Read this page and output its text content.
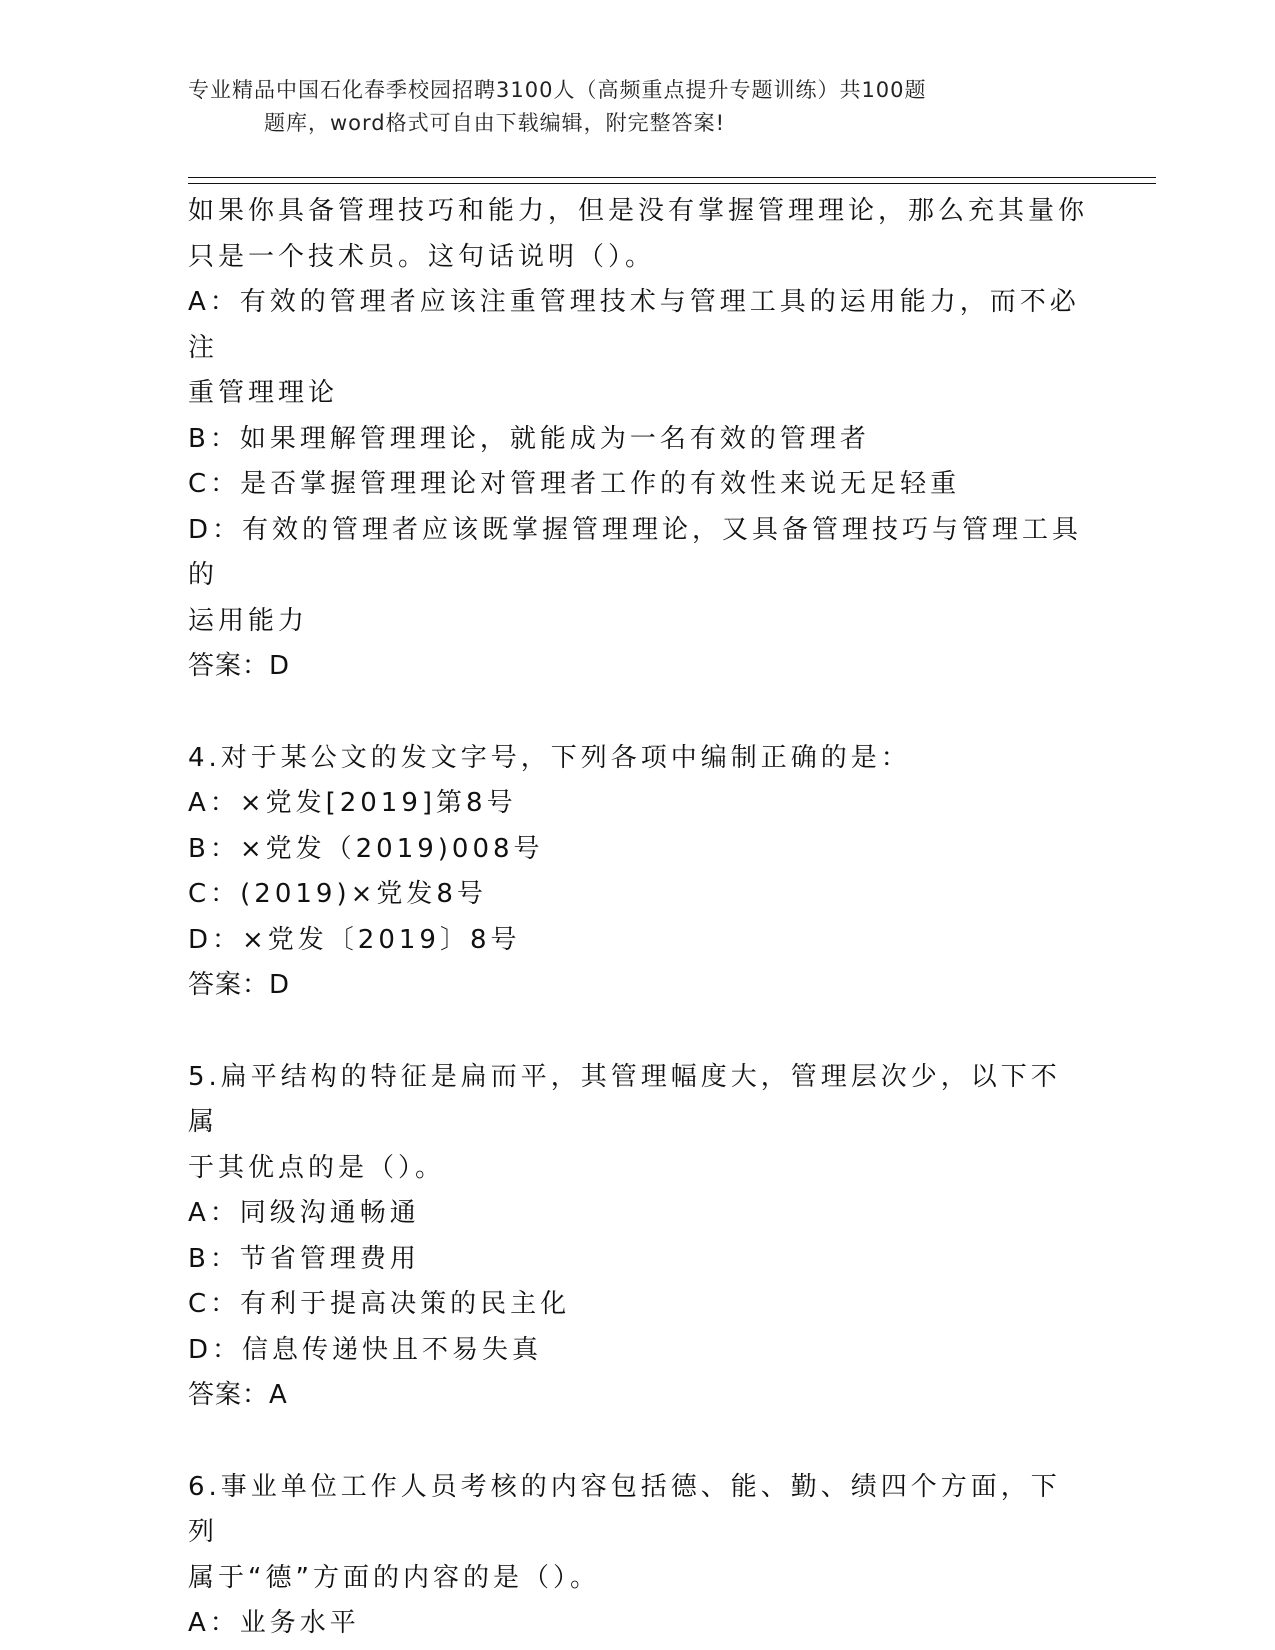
专业精品中国石化春季校园招聘3100人（高频重点提升专题训练）共100题
题库，word格式可自由下载编辑，附完整答案!

如果你具备管理技巧和能力，但是没有掌握管理理论，那么充其量你

只是一个技术员。这句话说明（）。

A：有效的管理者应该注重管理技术与管理工具的运用能力，而不必注

重管理理论

B：如果理解管理理论，就能成为一名有效的管理者

C：是否掌握管理理论对管理者工作的有效性来说无足轻重

D：有效的管理者应该既掌握管理理论，又具备管理技巧与管理工具的

运用能力

答案：D

4.对于某公文的发文字号，下列各项中编制正确的是：

A：×党发[2019]第8号

B：×党发（2019)008号

C：(2019)×党发8号

D：×党发〔2019〕8号

答案：D

5.扁平结构的特征是扁而平，其管理幅度大，管理层次少，以下不属

于其优点的是（）。

A：同级沟通畅通

B：节省管理费用

C：有利于提高决策的民主化

D：信息传递快且不易失真

答案：A

6.事业单位工作人员考核的内容包括德、能、勤、绩四个方面，下列

属于“德”方面的内容的是（）。

A：业务水平
